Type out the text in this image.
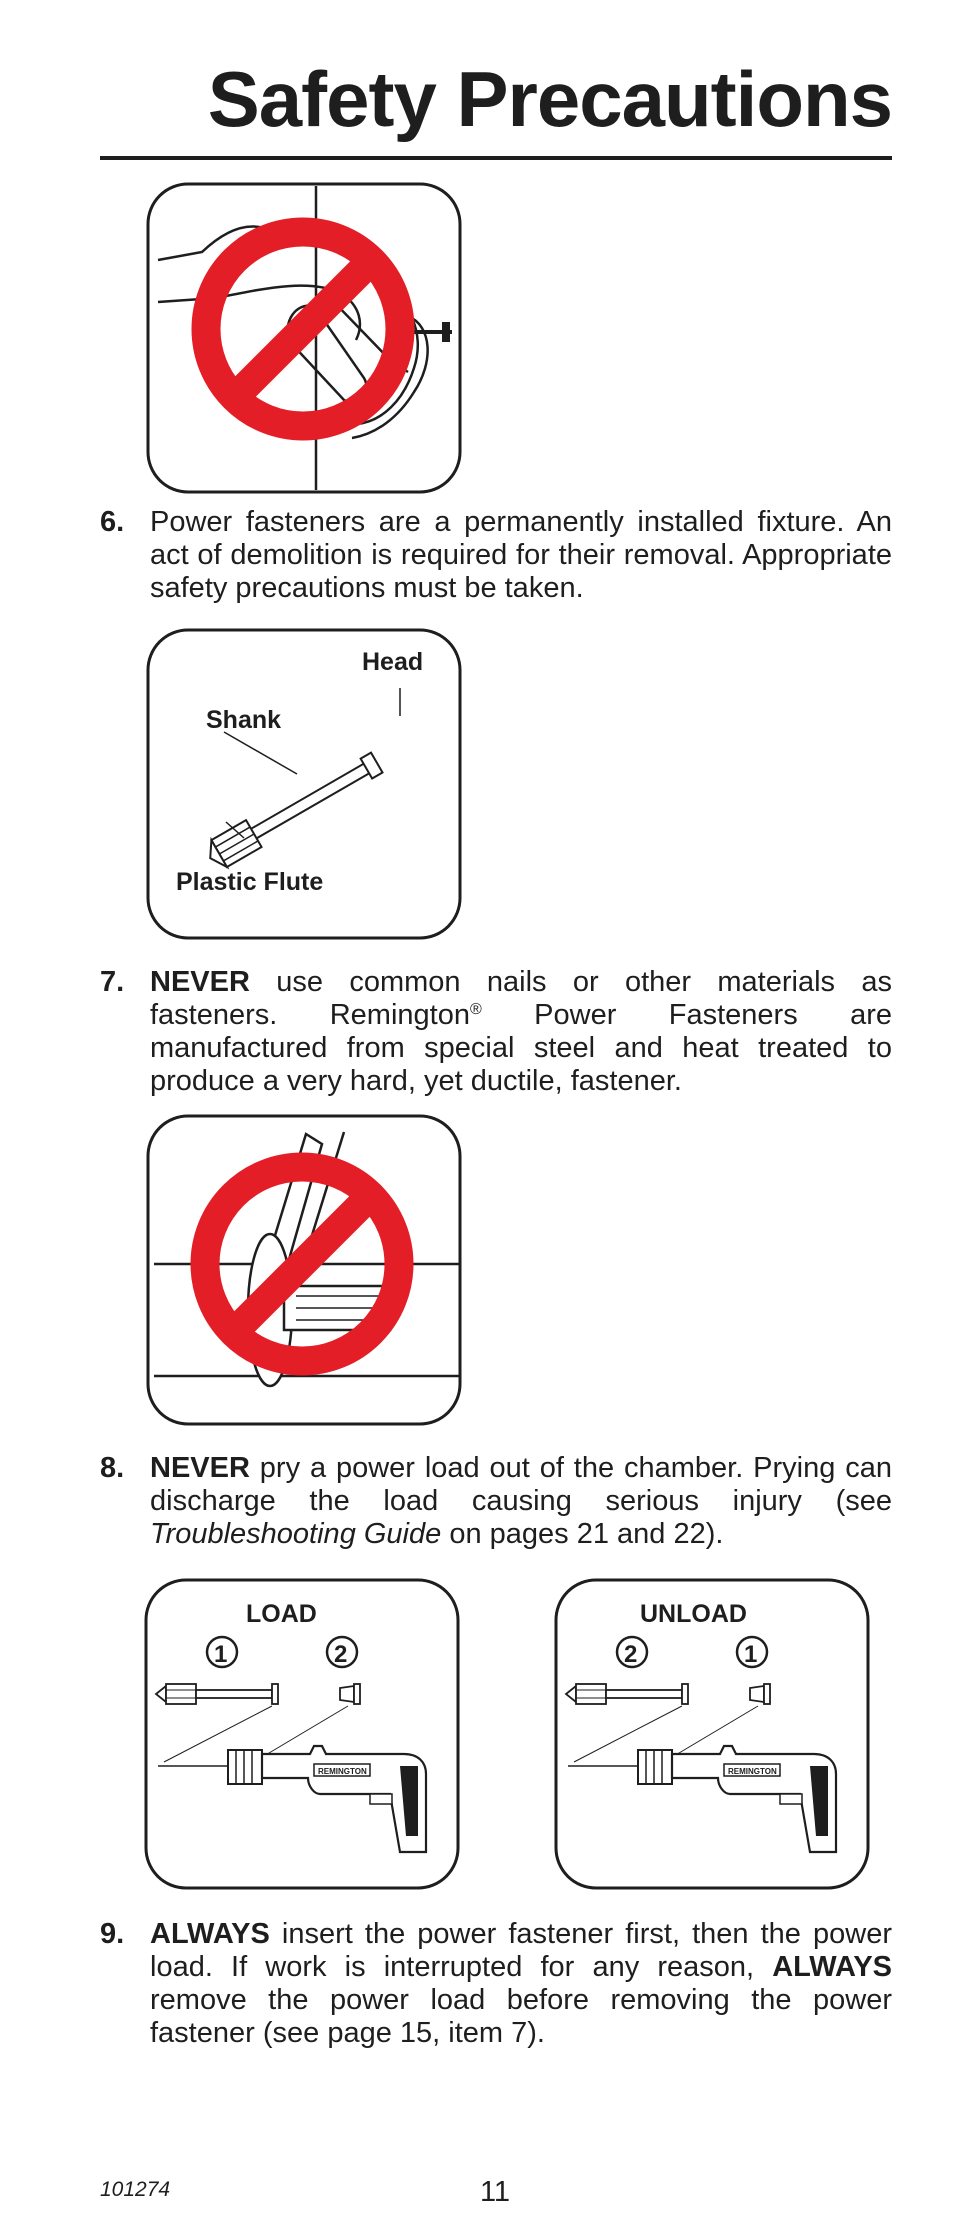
Safety Precautions
6. Power fasteners are a permanently installed fixture. An act of demolition is required for their removal. Appropriate safety precautions must be taken.
Head
Shank
Plastic Flute
7. NEVER use common nails or other materials as fasteners. Remington® Power Fasteners are manufactured from special steel and heat treated to produce a very hard, yet ductile, fastener.
8. NEVER pry a power load out of the chamber. Prying can discharge the load causing serious injury (see Troubleshooting Guide on pages 21 and 22).
LOAD
1	2
REMINGTON
UNLOAD
2	1
REMINGTON
9. ALWAYS insert the power fastener first, then the power load. If work is interrupted for any reason, ALWAYS remove the power load before removing the power fastener (see page 15, item 7).
101274	11
